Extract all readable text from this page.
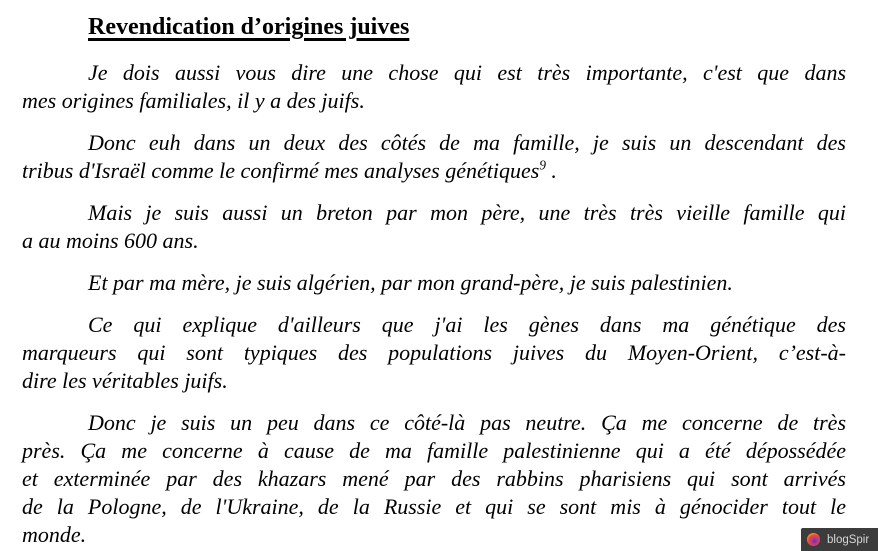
Revendication d’origines juives

Je dois aussi vous dire une chose qui est très importante, c'est que dans
mes origines familiales, il y a des juifs.

Donc euh dans un deux des côtés de ma famille, je suis un descendant des
tribus d'Israël comme le confirmé mes analyses génétiques$^9$ .

Mais je suis aussi un breton par mon père, une très très vieille famille qui
a au moins 600 ans.

Et par ma mère, je suis algérien, par mon grand-père, je suis palestinien.

Ce qui explique d'ailleurs que j'ai les gènes dans ma génétique des
marqueurs qui sont typiques des populations juives du Moyen-Orient, c’est-à-
dire les véritables juifs.

Donc je suis un peu dans ce côté-là pas neutre. Ça me concerne de très
près. Ça me concerne à cause de ma famille palestinienne qui a été dépossédée
et exterminée par des khazars mené par des rabbins pharisiens qui sont arrivés
de la Pologne, de l'Ukraine, de la Russie et qui se sont mis à génocider tout le
monde.	blogSpir
